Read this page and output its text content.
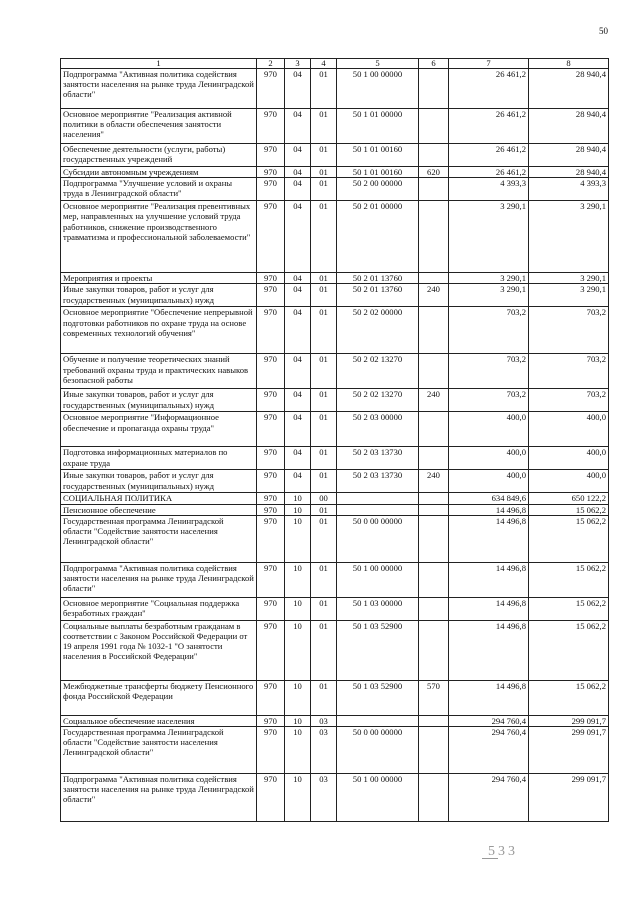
50
1	2	3	4	5	6	7	8
Подпрограмма "Активная политика содействия занятости населения на рынке труда Ленинградской области"	970	04	01	50 1 00 00000		26 461,2	28 940,4
Основное мероприятие "Реализация активной политики в области обеспечения занятости населения"	970	04	01	50 1 01 00000		26 461,2	28 940,4
Обеспечение деятельности (услуги, работы) государственных учреждений	970	04	01	50 1 01 00160		26 461,2	28 940,4
Субсидии автономным учреждениям	970	04	01	50 1 01 00160	620	26 461,2	28 940,4
Подпрограмма "Улучшение условий и охраны труда в Ленинградской области"	970	04	01	50 2 00 00000		4 393,3	4 393,3
Основное мероприятие "Реализация превентивных мер, направленных на улучшение условий труда работников, снижение производственного травматизма и профессиональной заболеваемости"	970	04	01	50 2 01 00000		3 290,1	3 290,1
Мероприятия и проекты	970	04	01	50 2 01 13760		3 290,1	3 290,1
Иные закупки товаров, работ и услуг для государственных (муниципальных) нужд	970	04	01	50 2 01 13760	240	3 290,1	3 290,1
Основное мероприятие "Обеспечение непрерывной подготовки работников по охране труда на основе современных технологий обучения"	970	04	01	50 2 02 00000		703,2	703,2
Обучение и получение теоретических знаний требований охраны труда и практических навыков безопасной работы	970	04	01	50 2 02 13270		703,2	703,2
Иные закупки товаров, работ и услуг для государственных (муниципальных) нужд	970	04	01	50 2 02 13270	240	703,2	703,2
Основное мероприятие "Информационное обеспечение и пропаганда охраны труда"	970	04	01	50 2 03 00000		400,0	400,0
Подготовка информационных материалов по охране труда	970	04	01	50 2 03 13730		400,0	400,0
Иные закупки товаров, работ и услуг для государственных (муниципальных) нужд	970	04	01	50 2 03 13730	240	400,0	400,0
СОЦИАЛЬНАЯ ПОЛИТИКА	970	10	00			634 849,6	650 122,2
Пенсионное обеспечение	970	10	01			14 496,8	15 062,2
Государственная программа Ленинградской области "Содействие занятости населения Ленинградской области"	970	10	01	50 0 00 00000		14 496,8	15 062,2
Подпрограмма "Активная политика содействия занятости населения на рынке труда Ленинградской области"	970	10	01	50 1 00 00000		14 496,8	15 062,2
Основное мероприятие "Социальная поддержка безработных граждан"	970	10	01	50 1 03 00000		14 496,8	15 062,2
Социальные выплаты безработным гражданам в соответствии с Законом Российской Федерации от 19 апреля 1991 года № 1032-1 "О занятости населения в Российской Федерации"	970	10	01	50 1 03 52900		14 496,8	15 062,2
Межбюджетные трансферты бюджету Пенсионного фонда Российской Федерации	970	10	01	50 1 03 52900	570	14 496,8	15 062,2
Социальное обеспечение населения	970	10	03			294 760,4	299 091,7
Государственная программа Ленинградской области "Содействие занятости населения Ленинградской области"	970	10	03	50 0 00 00000		294 760,4	299 091,7
Подпрограмма "Активная политика содействия занятости населения на рынке труда Ленинградской области"	970	10	03	50 1 00 00000		294 760,4	299 091,7
533
